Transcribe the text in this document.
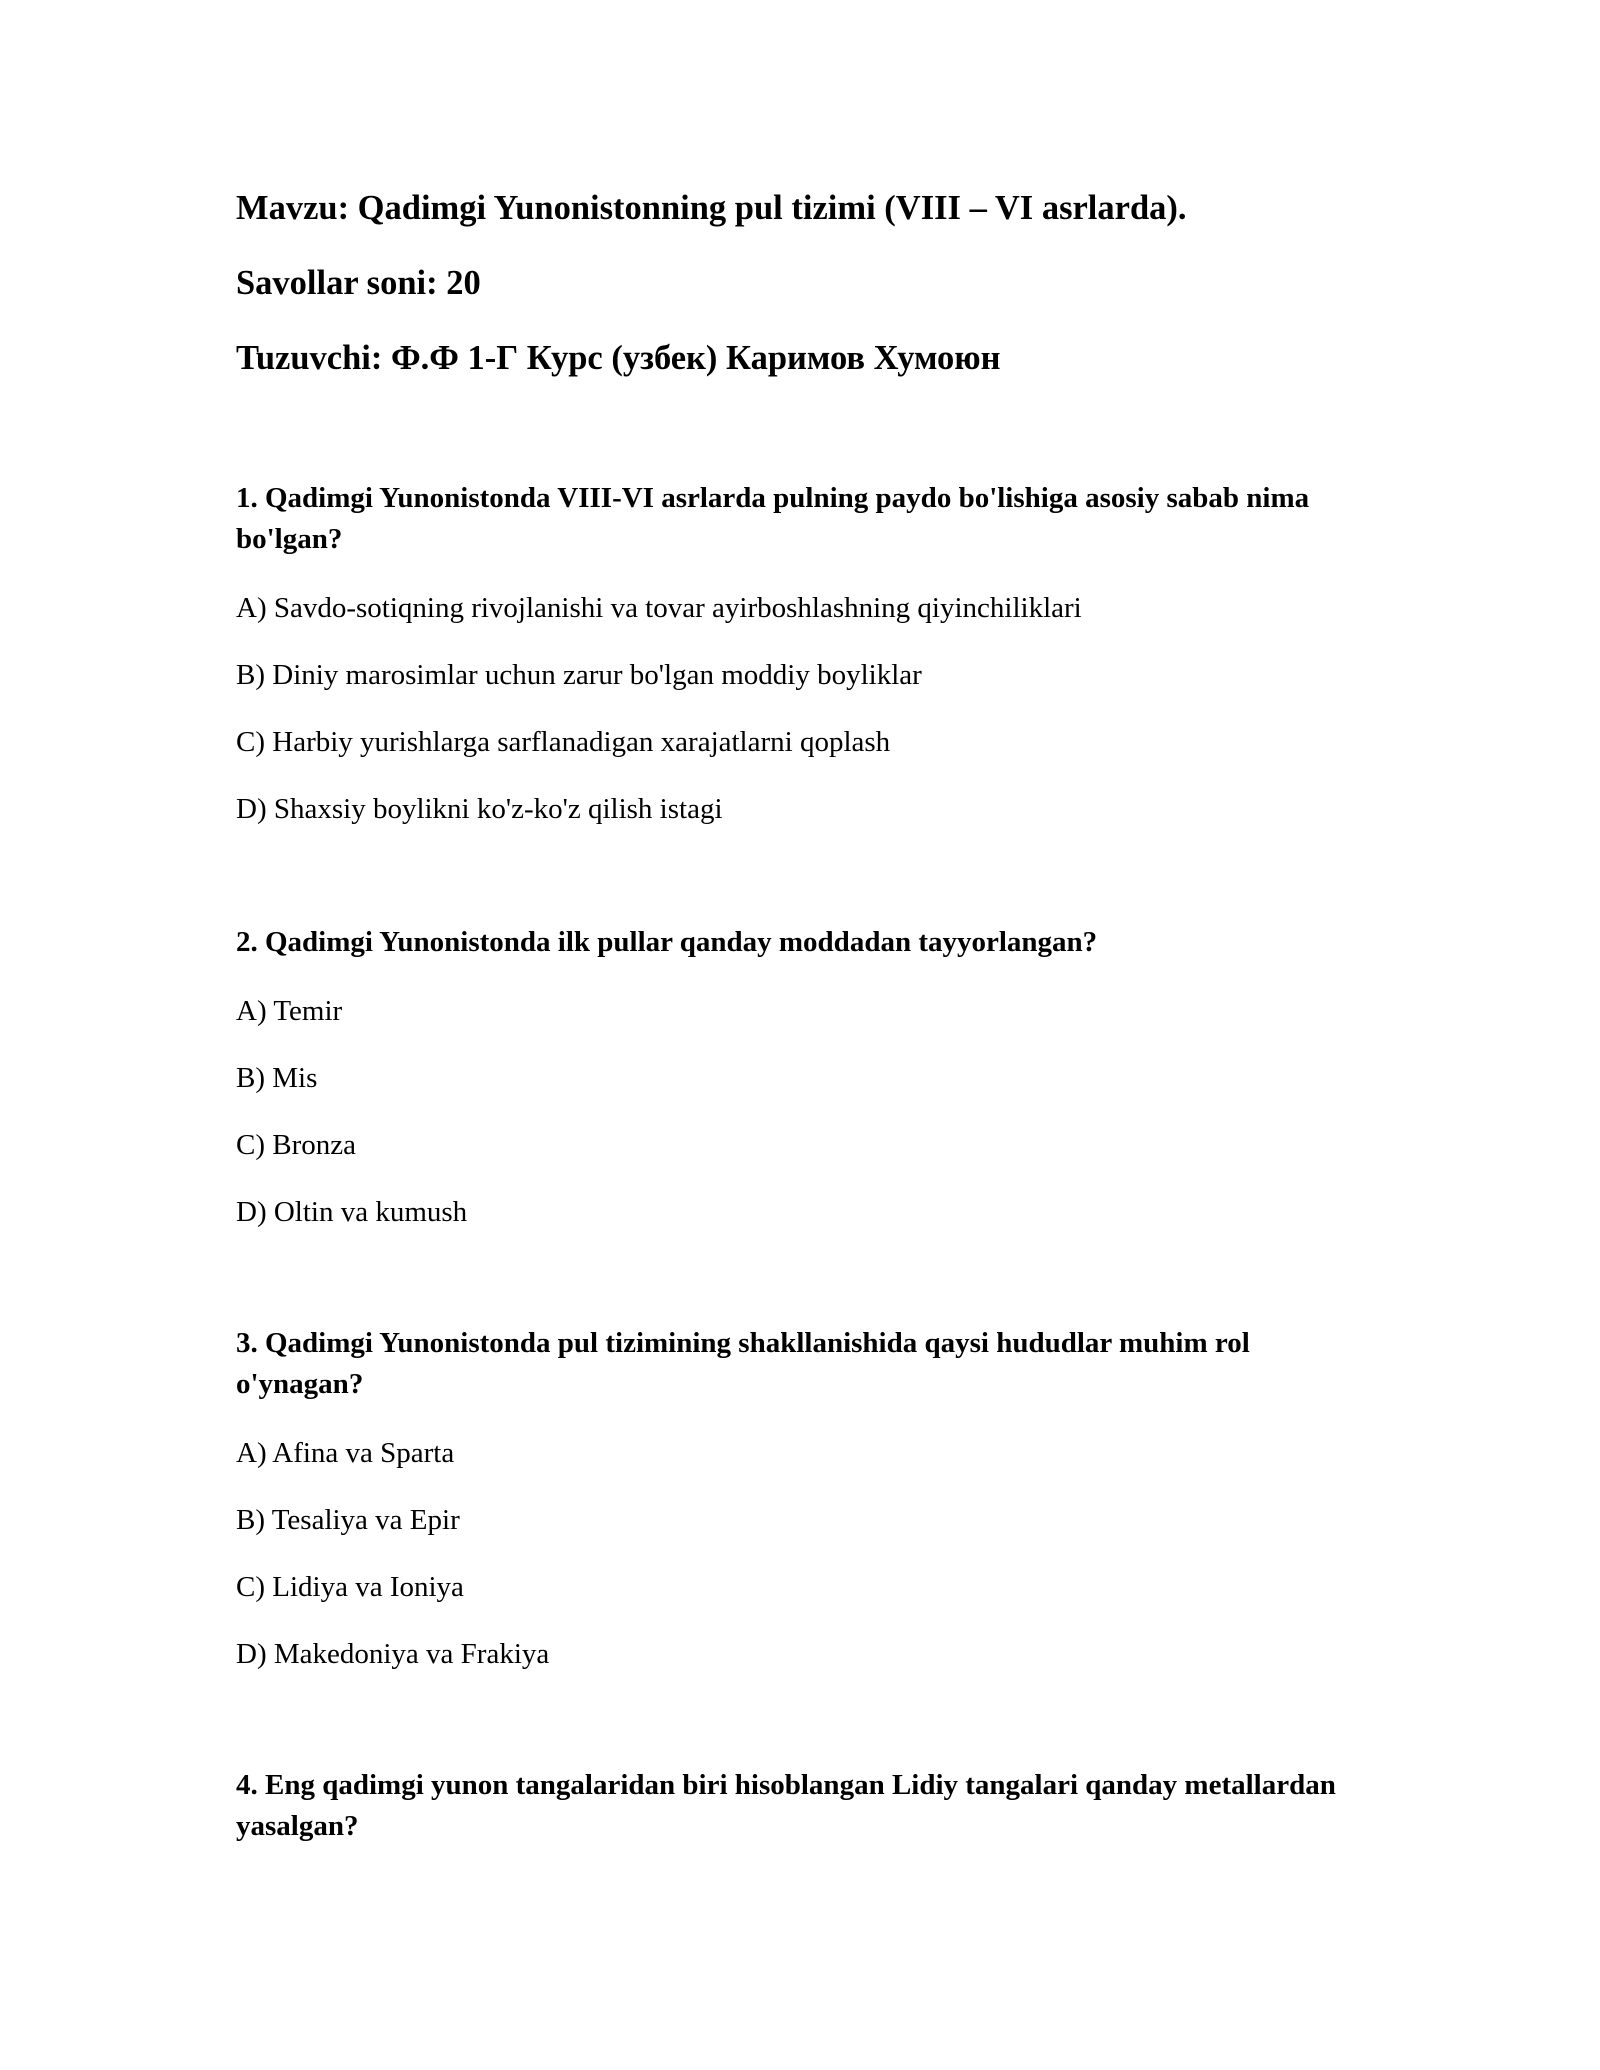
Mavzu: Qadimgi Yunonistonning pul tizimi (VIII – VI asrlarda).
Savollar soni: 20
Tuzuvchi: Ф.Ф 1-Г Курс (узбек) Каримов Хумоюн
1. Qadimgi Yunonistonda VIII-VI asrlarda pulning paydo bo'lishiga asosiy sabab nima bo'lgan?
A) Savdo-sotiqning rivojlanishi va tovar ayirboshlashning qiyinchiliklari
B) Diniy marosimlar uchun zarur bo'lgan moddiy boyliklar
C) Harbiy yurishlarga sarflanadigan xarajatlarni qoplash
D) Shaxsiy boylikni ko'z-ko'z qilish istagi
2. Qadimgi Yunonistonda ilk pullar qanday moddadan tayyorlangan?
A) Temir
B) Mis
C) Bronza
D) Oltin va kumush
3. Qadimgi Yunonistonda pul tizimining shakllanishida qaysi hududlar muhim rol o'ynagan?
A) Afina va Sparta
B) Tesaliya va Epir
C) Lidiya va Ioniya
D) Makedoniya va Frakiya
4. Eng qadimgi yunon tangalaridan biri hisoblangan Lidiy tangalari qanday metallardan yasalgan?
